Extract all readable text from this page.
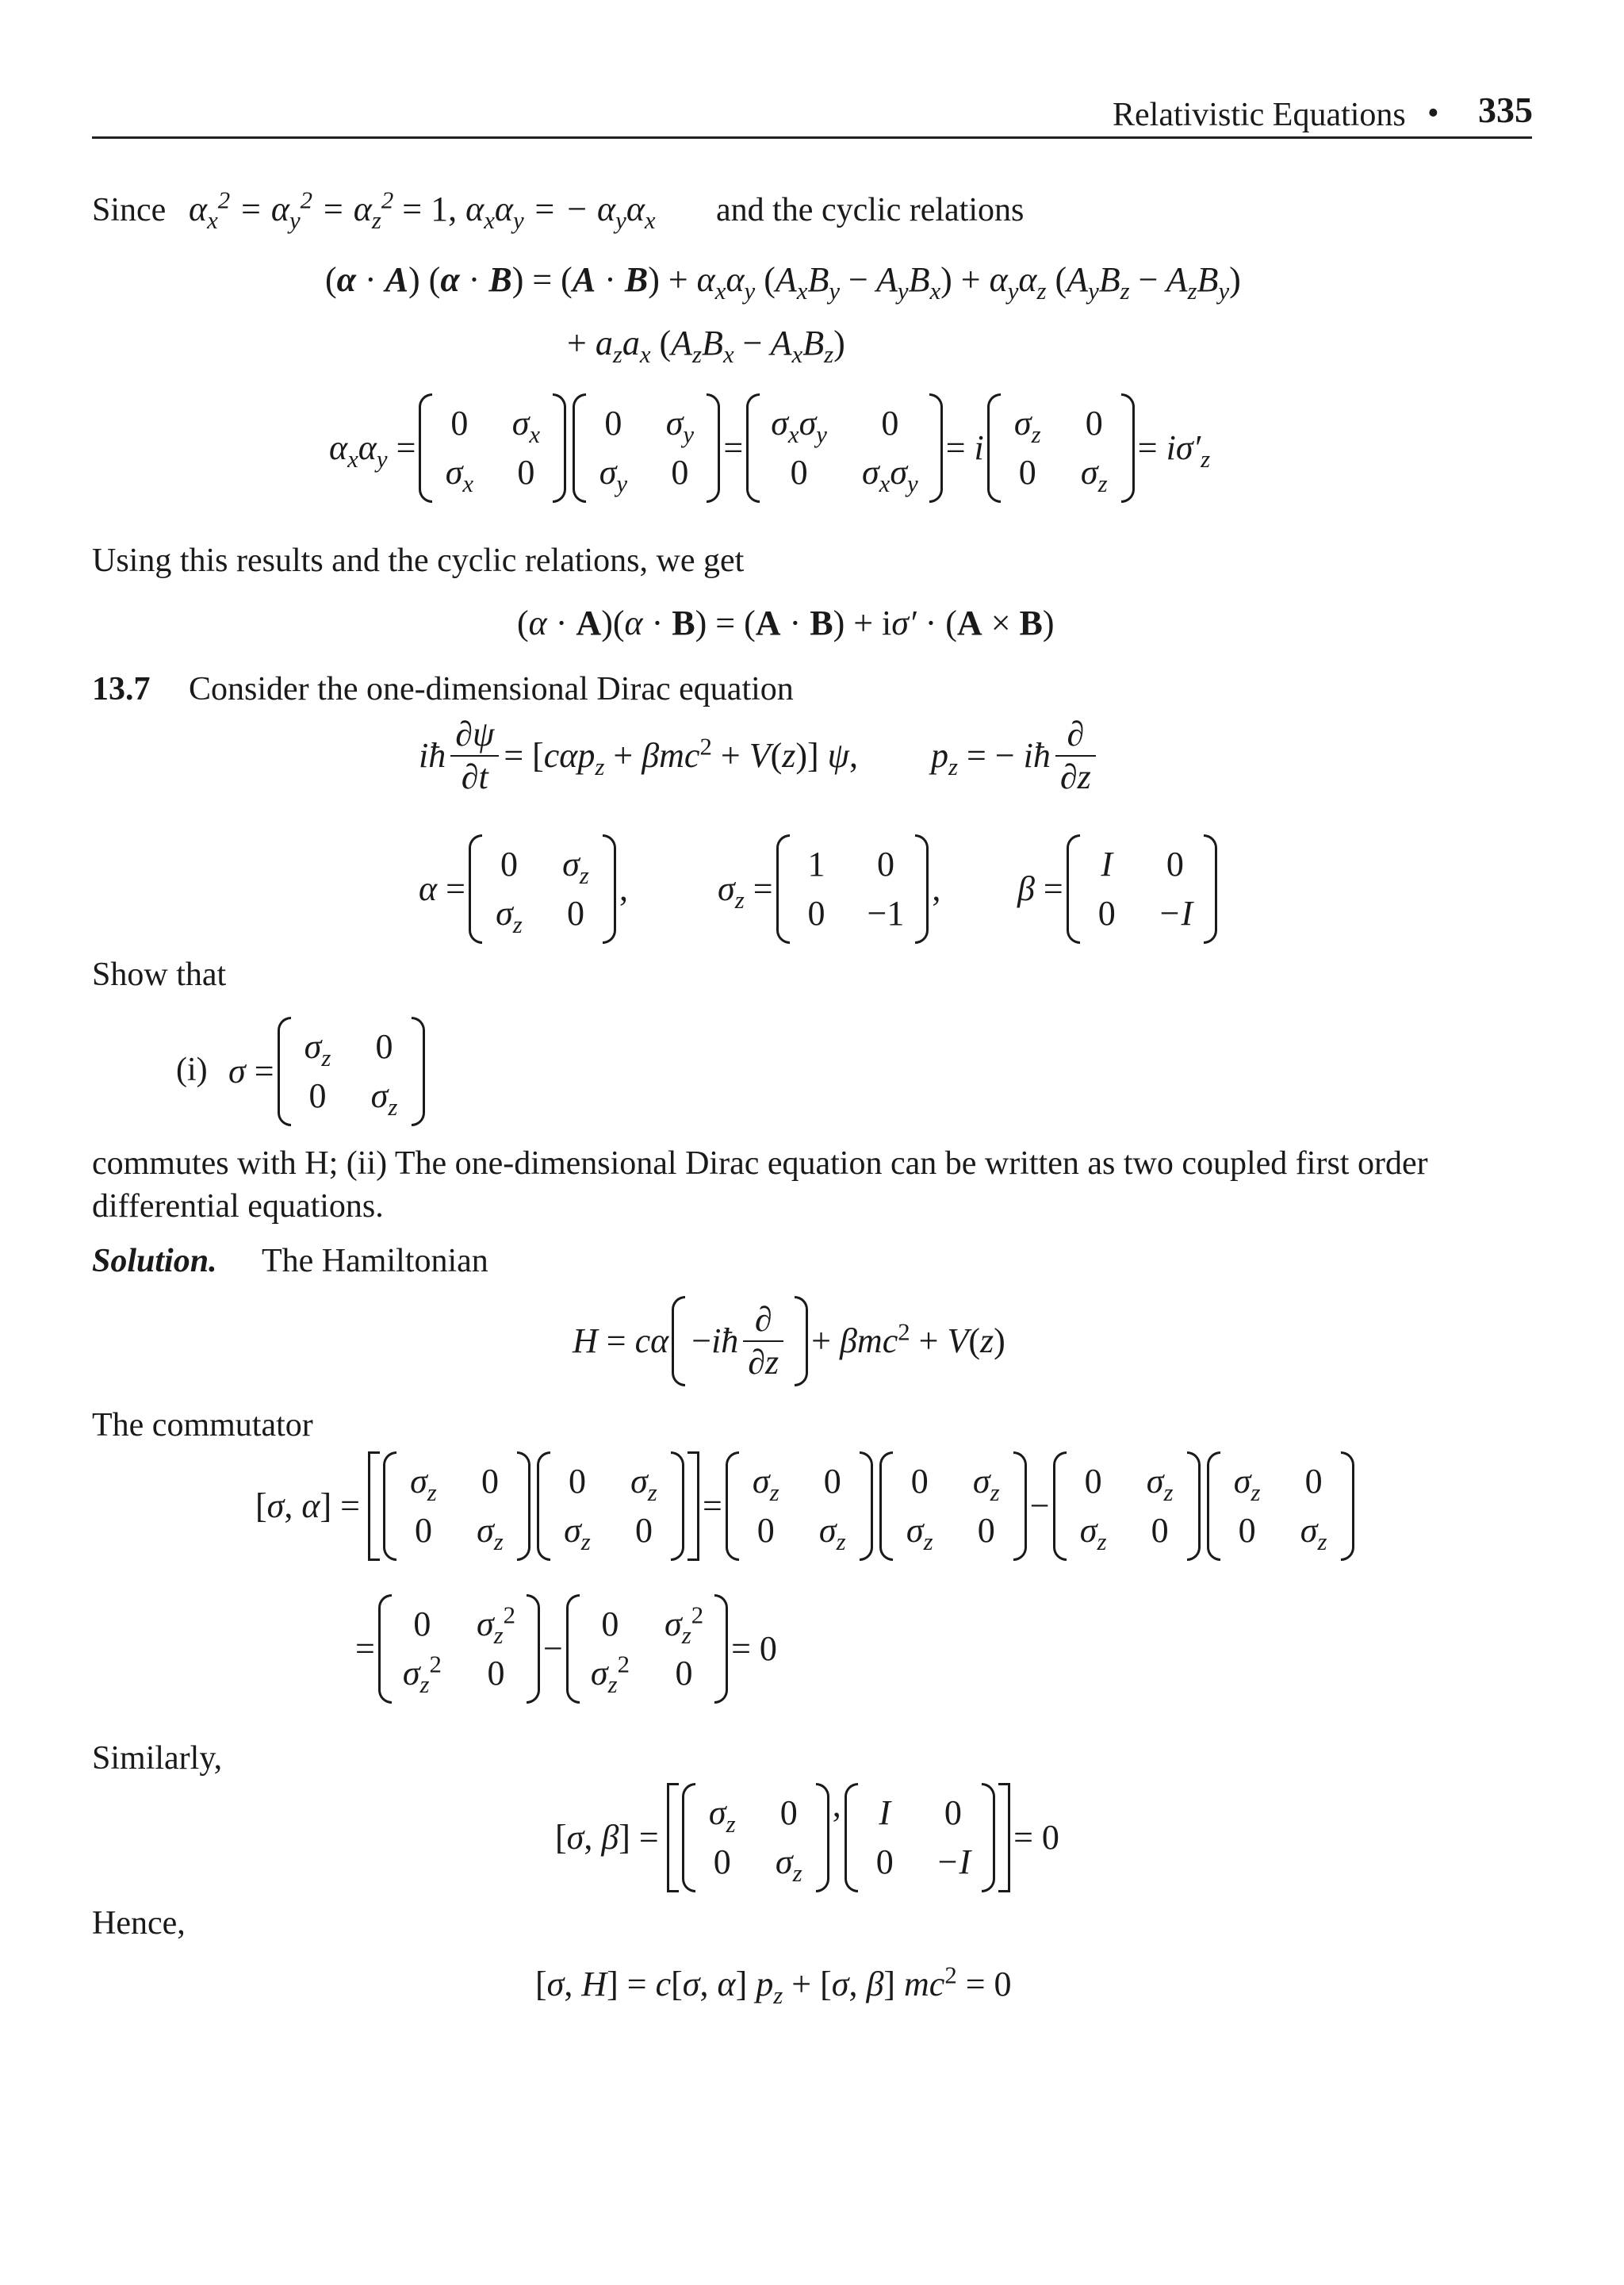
Relativistic Equations • 335
Since $\alpha_x^2 = \alpha_y^2 = \alpha_z^2 = 1$, $\alpha_x\alpha_y$ = − $\alpha_y\alpha_x$ and the cyclic relations
(α · A) $(\alpha \cdot B) = (A \cdot B) + \alpha_x\alpha_y$ $(A_xB_y - A_yB_x) + \alpha_y\alpha_z$ $(A_yB_z - A_zB_y)$
+ $a_za_x$ $(A_zB_x - A_xB_z)$
$\alpha_x\alpha_y$ =
0 $\sigma_x$
$\sigma_x$ 0
0 $\sigma_y$
$\sigma_y$ 0
=
$\sigma_x\sigma_y$	0
0	$\sigma_x\sigma_y$
= i
$\sigma_z$ 0
0 $\sigma_z$
= $i\sigma'_z$
Using this results and the cyclic relations, we get
(α · A)(α · B) = (A · B) + iσ′ · (A × B)
13.7 Consider the one-dimensional Dirac equation
iħ $\frac{\partial\psi}{\partial t} = [c\alpha p_z + \beta mc^2 + V(z)]$ ψ, $p_z$ = − iħ $\frac{\partial}{\partial z}$
α =
0 $\sigma_z$
$\sigma_z$ 0
,	$\sigma_z$ =
1 0
0 −1
, β =
I 0
0 −I
Show that
(i) σ =
$\sigma_z$ 0
0 $\sigma_z$
commutes with H; (ii) The one-dimensional Dirac equation can be written as two coupled first order
differential equations.
Solution. The Hamiltonian
H = cα −iħ $\frac{\partial}{\partial z} + \beta mc^2 + V(z)$
The commutator
[σ, α] =
$\sigma_z$ 0
0 $\sigma_z$
0 $\sigma_z$
$\sigma_z$ 0
=
$\sigma_z$ 0
0 $\sigma_z$
0 $\sigma_z$
$\sigma_z$ 0
−
0 $\sigma_z$
$\sigma_z$ 0
$\sigma_z$ 0
0 $\sigma_z$
=
0	$\sigma_z^2$
$\sigma_z^2$	0
−
0	$\sigma_z^2$
$\sigma_z^2$	0
= 0
Similarly,
[σ, β] =
$\sigma_z$ 0
0 $\sigma_z$
, I 0
0 −I
= 0
Hence,
[σ, H] = c[σ, α] $p_z + [\sigma$, β] $mc^2 = 0$
